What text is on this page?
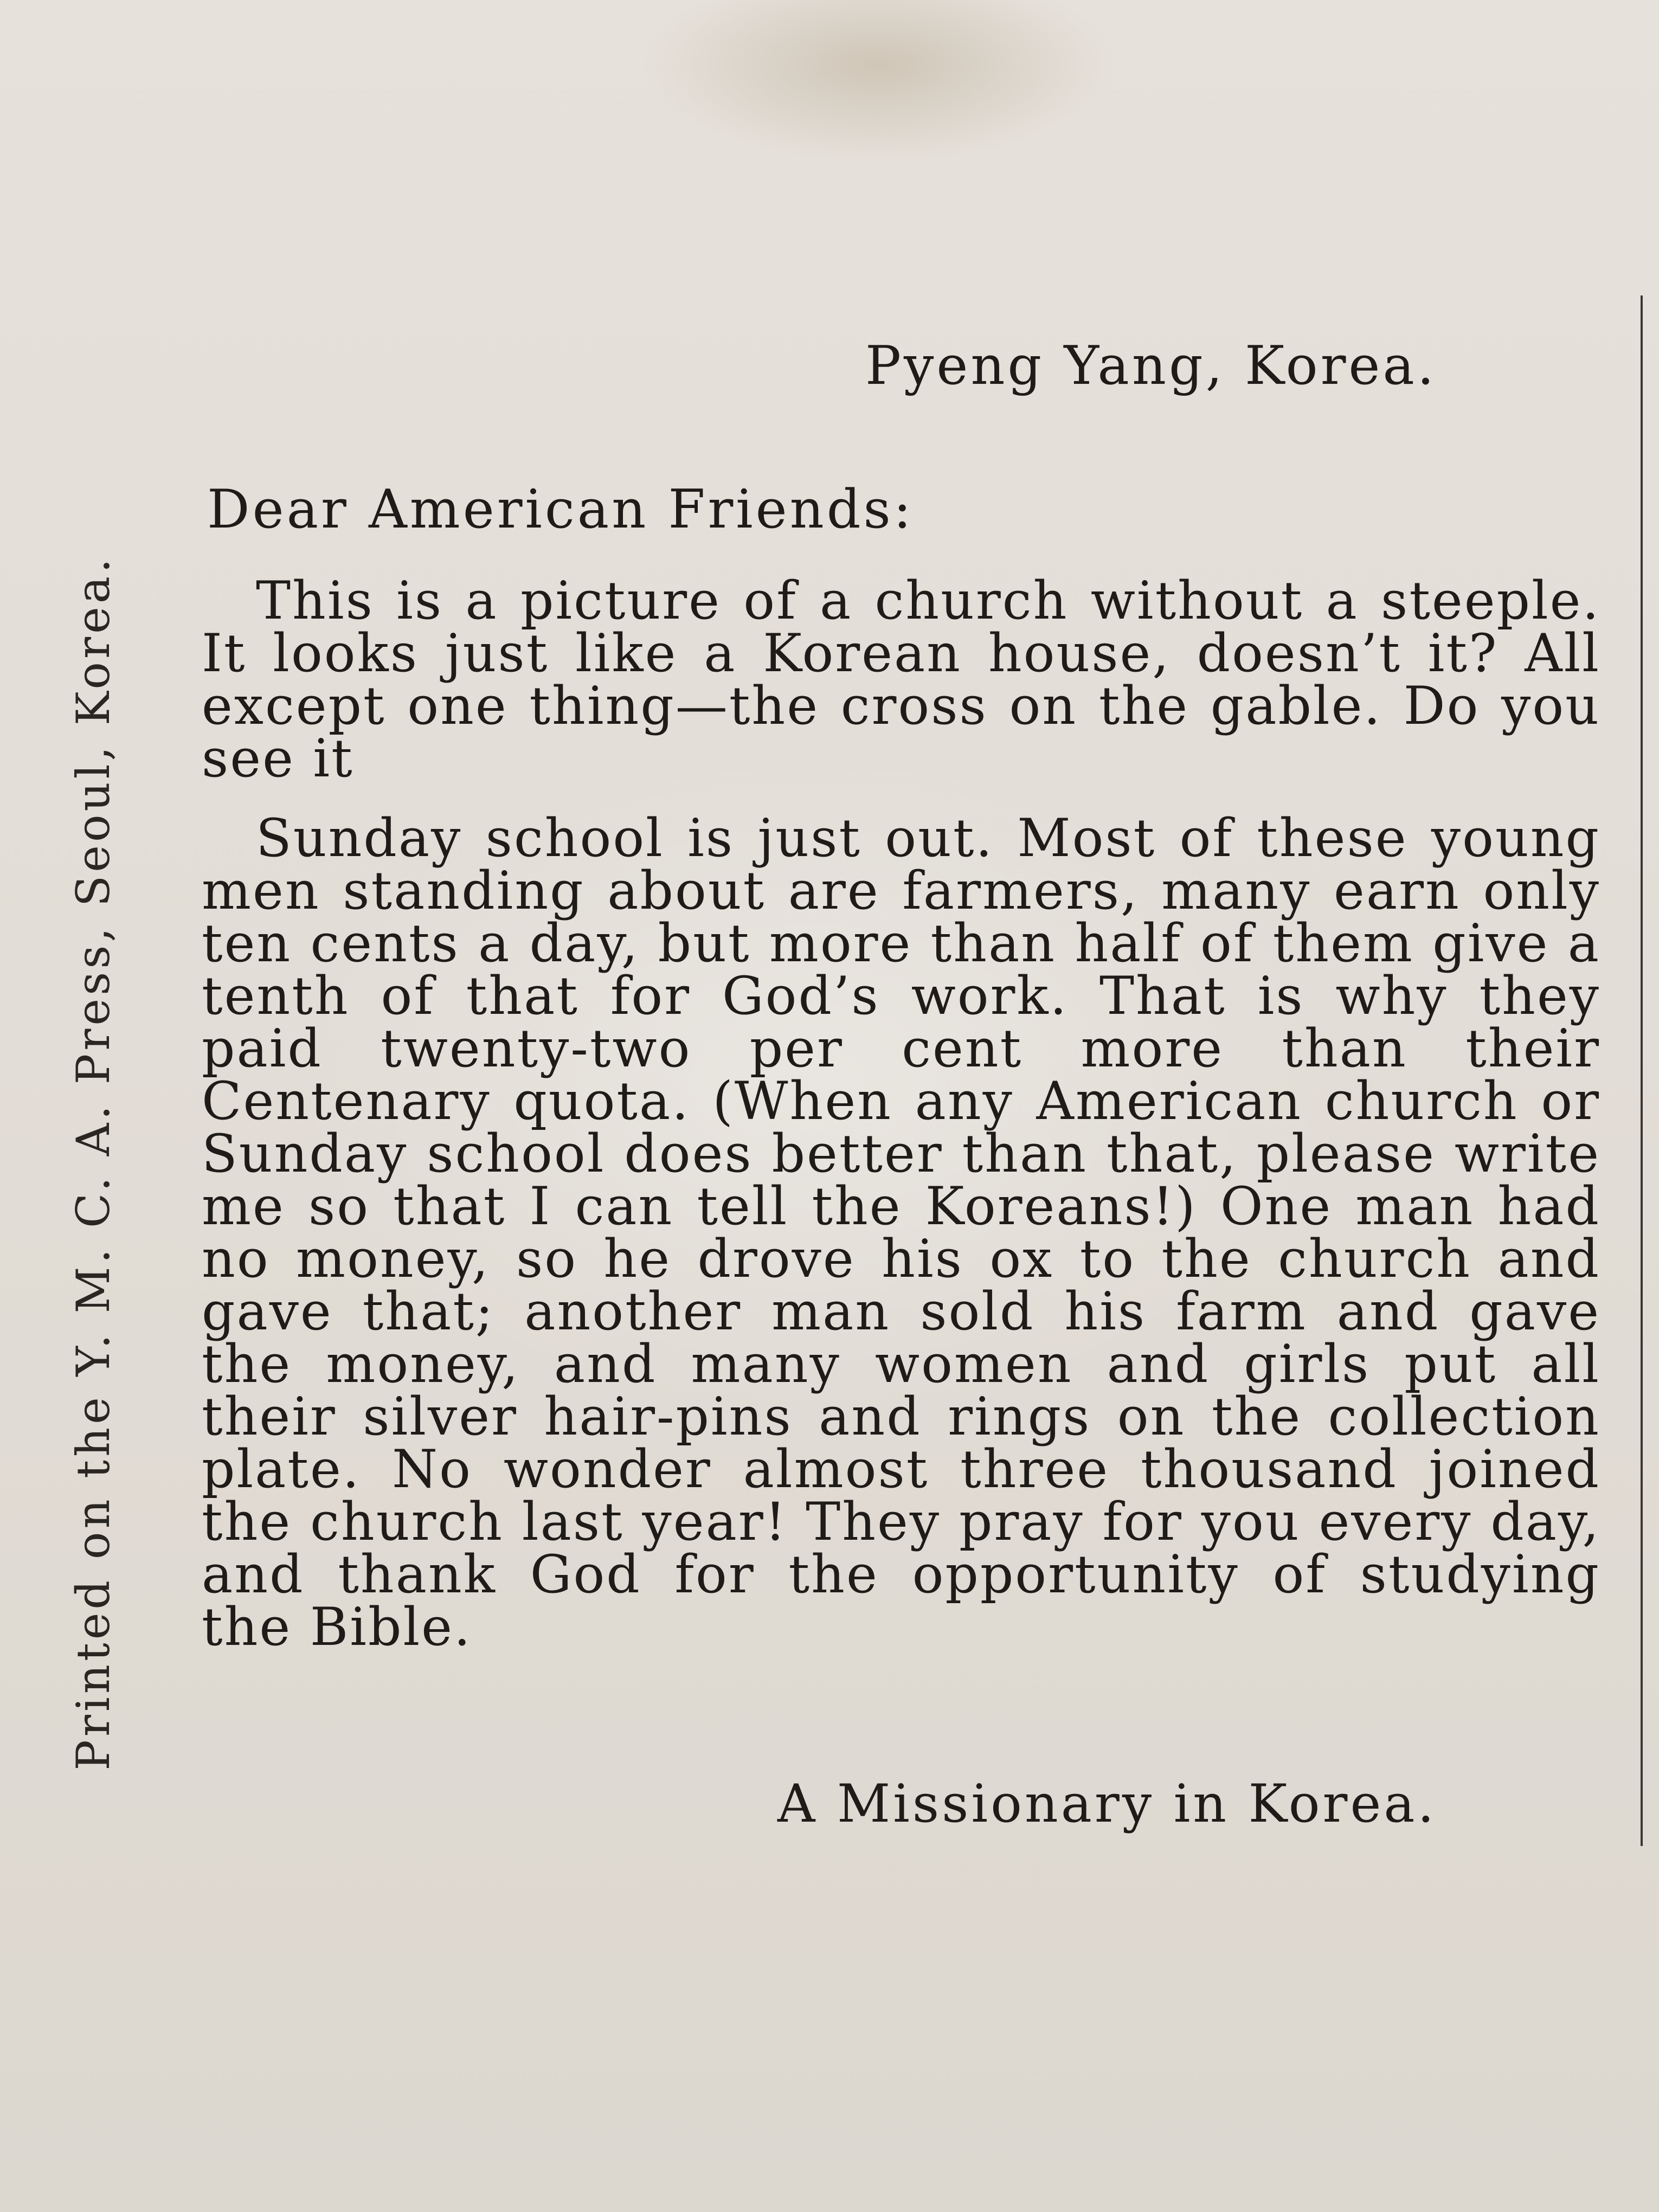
Printed on the Y. M. C. A. Press, Seoul, Korea.
Pyeng Yang, Korea.
Dear American Friends:

This is a picture of a church without a steeple. It looks just like a Korean house, doesn’t it? All except one thing—the cross on the gable. Do you see it

Sunday school is just out. Most of these young men standing about are farmers, many earn only ten cents a day, but more than half of them give a tenth of that for God’s work. That is why they paid twenty-two per cent more than their Centenary quota. (When any American church or Sunday school does better than that, please write me so that I can tell the Koreans!) One man had no money, so he drove his ox to the church and gave that; another man sold his farm and gave the money, and many women and girls put all their silver hair-pins and rings on the collection plate. No wonder almost three thousand joined the church last year! They pray for you every day, and thank God for the opportunity of studying the Bible.

A Missionary in Korea.
